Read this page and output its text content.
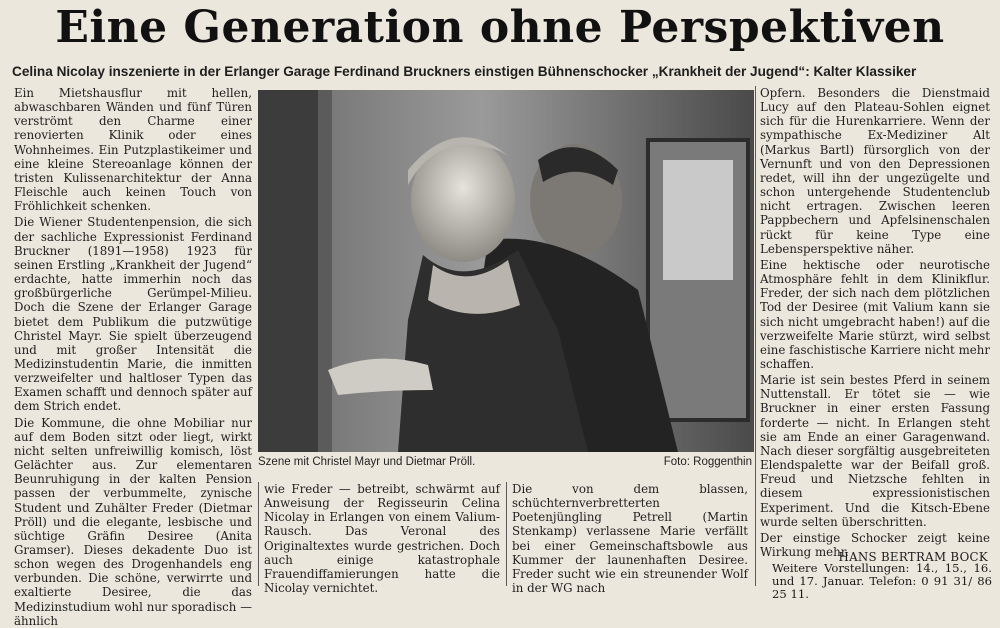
Eine Generation ohne Perspektiven
Celina Nicolay inszenierte in der Erlanger Garage Ferdinand Bruckners einstigen Bühnenschocker „Krankheit der Jugend“: Kalter Klassiker

Ein Mietshausflur mit hellen, abwaschbaren Wänden und fünf Türen verströmt den Charme einer renovierten Klinik oder eines Wohnheimes. Ein Putzplastikeimer und eine kleine Stereoanlage können der tristen Kulissenarchitektur der Anna Fleischle auch keinen Touch von Fröhlichkeit schenken.

Die Wiener Studentenpension, die sich der sachliche Expressionist Ferdinand Bruckner (1891—1958) 1923 für seinen Erstling „Krankheit der Jugend“ erdachte, hatte immerhin noch das großbürgerliche Gerümpel-Milieu. Doch die Szene der Erlanger Garage bietet dem Publikum die putzwütige Christel Mayr. Sie spielt überzeugend und mit großer Intensität die Medizinstudentin Marie, die inmitten verzweifelter und haltloser Typen das Examen schafft und dennoch später auf dem Strich endet.

Die Kommune, die ohne Mobiliar nur auf dem Boden sitzt oder liegt, wirkt nicht selten unfreiwillig komisch, löst Gelächter aus. Zur elementaren Beunruhigung in der kalten Pension passen der verbummelte, zynische Student und Zuhälter Freder (Dietmar Pröll) und die elegante, lesbische und süchtige Gräfin Desiree (Anita Gramser). Dieses dekadente Duo ist schon wegen des Drogenhandels eng verbunden. Die schöne, verwirrte und exaltierte Desiree, die das Medizinstudium wohl nur sporadisch — ähnlich

Szene mit Christel Mayr und Dietmar Pröll.	Foto: Roggenthin

wie Freder — betreibt, schwärmt auf Anweisung der Regisseurin Celina Nicolay in Erlangen von einem Valium-Rausch. Das Veronal des Originaltextes wurde gestrichen. Doch auch einige katastrophale Frauendiffamierungen hatte die Nicolay vernichtet.

Die von dem blassen, schüchternverbretterten Poetenjüngling Petrell (Martin Stenkamp) verlassene Marie verfällt bei einer Gemeinschaftsbowle aus Kummer der launenhaften Desiree. Freder sucht wie ein streunender Wolf in der WG nach

Opfern. Besonders die Dienstmaid Lucy auf den Plateau-Sohlen eignet sich für die Hurenkarriere. Wenn der sympathische Ex-Mediziner Alt (Markus Bartl) fürsorglich von der Vernunft und von den Depressionen redet, will ihn der ungezügelte und schon untergehende Studentenclub nicht ertragen. Zwischen leeren Pappbechern und Apfelsinenschalen rückt für keine Type eine Lebensperspektive näher.

Eine hektische oder neurotische Atmosphäre fehlt in dem Klinikflur. Freder, der sich nach dem plötzlichen Tod der Desiree (mit Valium kann sie sich nicht umgebracht haben!) auf die verzweifelte Marie stürzt, wird selbst eine faschistische Karriere nicht mehr schaffen.

Marie ist sein bestes Pferd in seinem Nuttenstall. Er tötet sie — wie Bruckner in einer ersten Fassung forderte — nicht. In Erlangen steht sie am Ende an einer Garagenwand. Nach dieser sorgfältig ausgebreiteten Elendspalette war der Beifall groß. Freud und Nietzsche fehlten in diesem expressionistischen Experiment. Und die Kitsch-Ebene wurde selten überschritten.

Der einstige Schocker zeigt keine Wirkung mehr.

HANS BERTRAM BOCK
Weitere Vorstellungen: 14., 15., 16. und 17. Januar. Telefon: 0 91 31/ 86 25 11.
